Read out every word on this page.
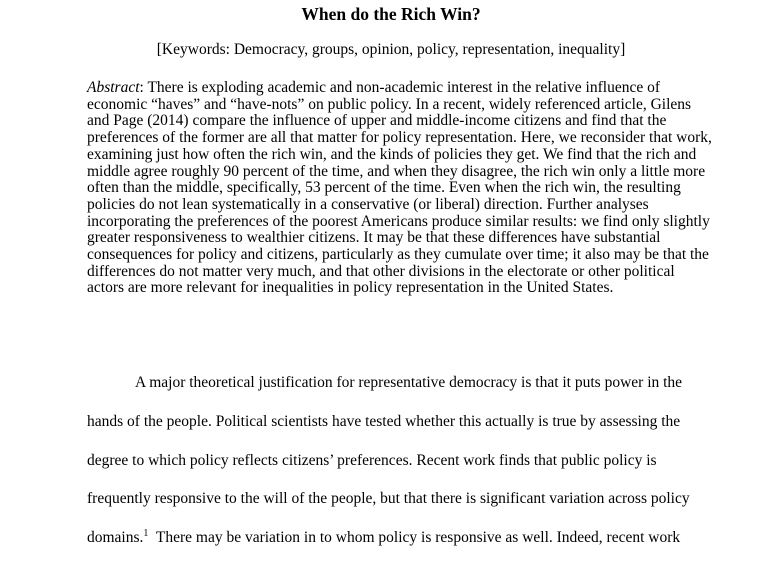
When do the Rich Win?
[Keywords: Democracy, groups, opinion, policy, representation, inequality]
Abstract: There is exploding academic and non-academic interest in the relative influence of economic “haves” and “have-nots” on public policy. In a recent, widely referenced article, Gilens and Page (2014) compare the influence of upper and middle-income citizens and find that the preferences of the former are all that matter for policy representation. Here, we reconsider that work, examining just how often the rich win, and the kinds of policies they get. We find that the rich and middle agree roughly 90 percent of the time, and when they disagree, the rich win only a little more often than the middle, specifically, 53 percent of the time. Even when the rich win, the resulting policies do not lean systematically in a conservative (or liberal) direction. Further analyses incorporating the preferences of the poorest Americans produce similar results: we find only slightly greater responsiveness to wealthier citizens. It may be that these differences have substantial consequences for policy and citizens, particularly as they cumulate over time; it also may be that the differences do not matter very much, and that other divisions in the electorate or other political actors are more relevant for inequalities in policy representation in the United States.
A major theoretical justification for representative democracy is that it puts power in the
hands of the people. Political scientists have tested whether this actually is true by assessing the
degree to which policy reflects citizens’ preferences. Recent work finds that public policy is
frequently responsive to the will of the people, but that there is significant variation across policy
domains.$^1$  There may be variation in to whom policy is responsive as well. Indeed, recent work
